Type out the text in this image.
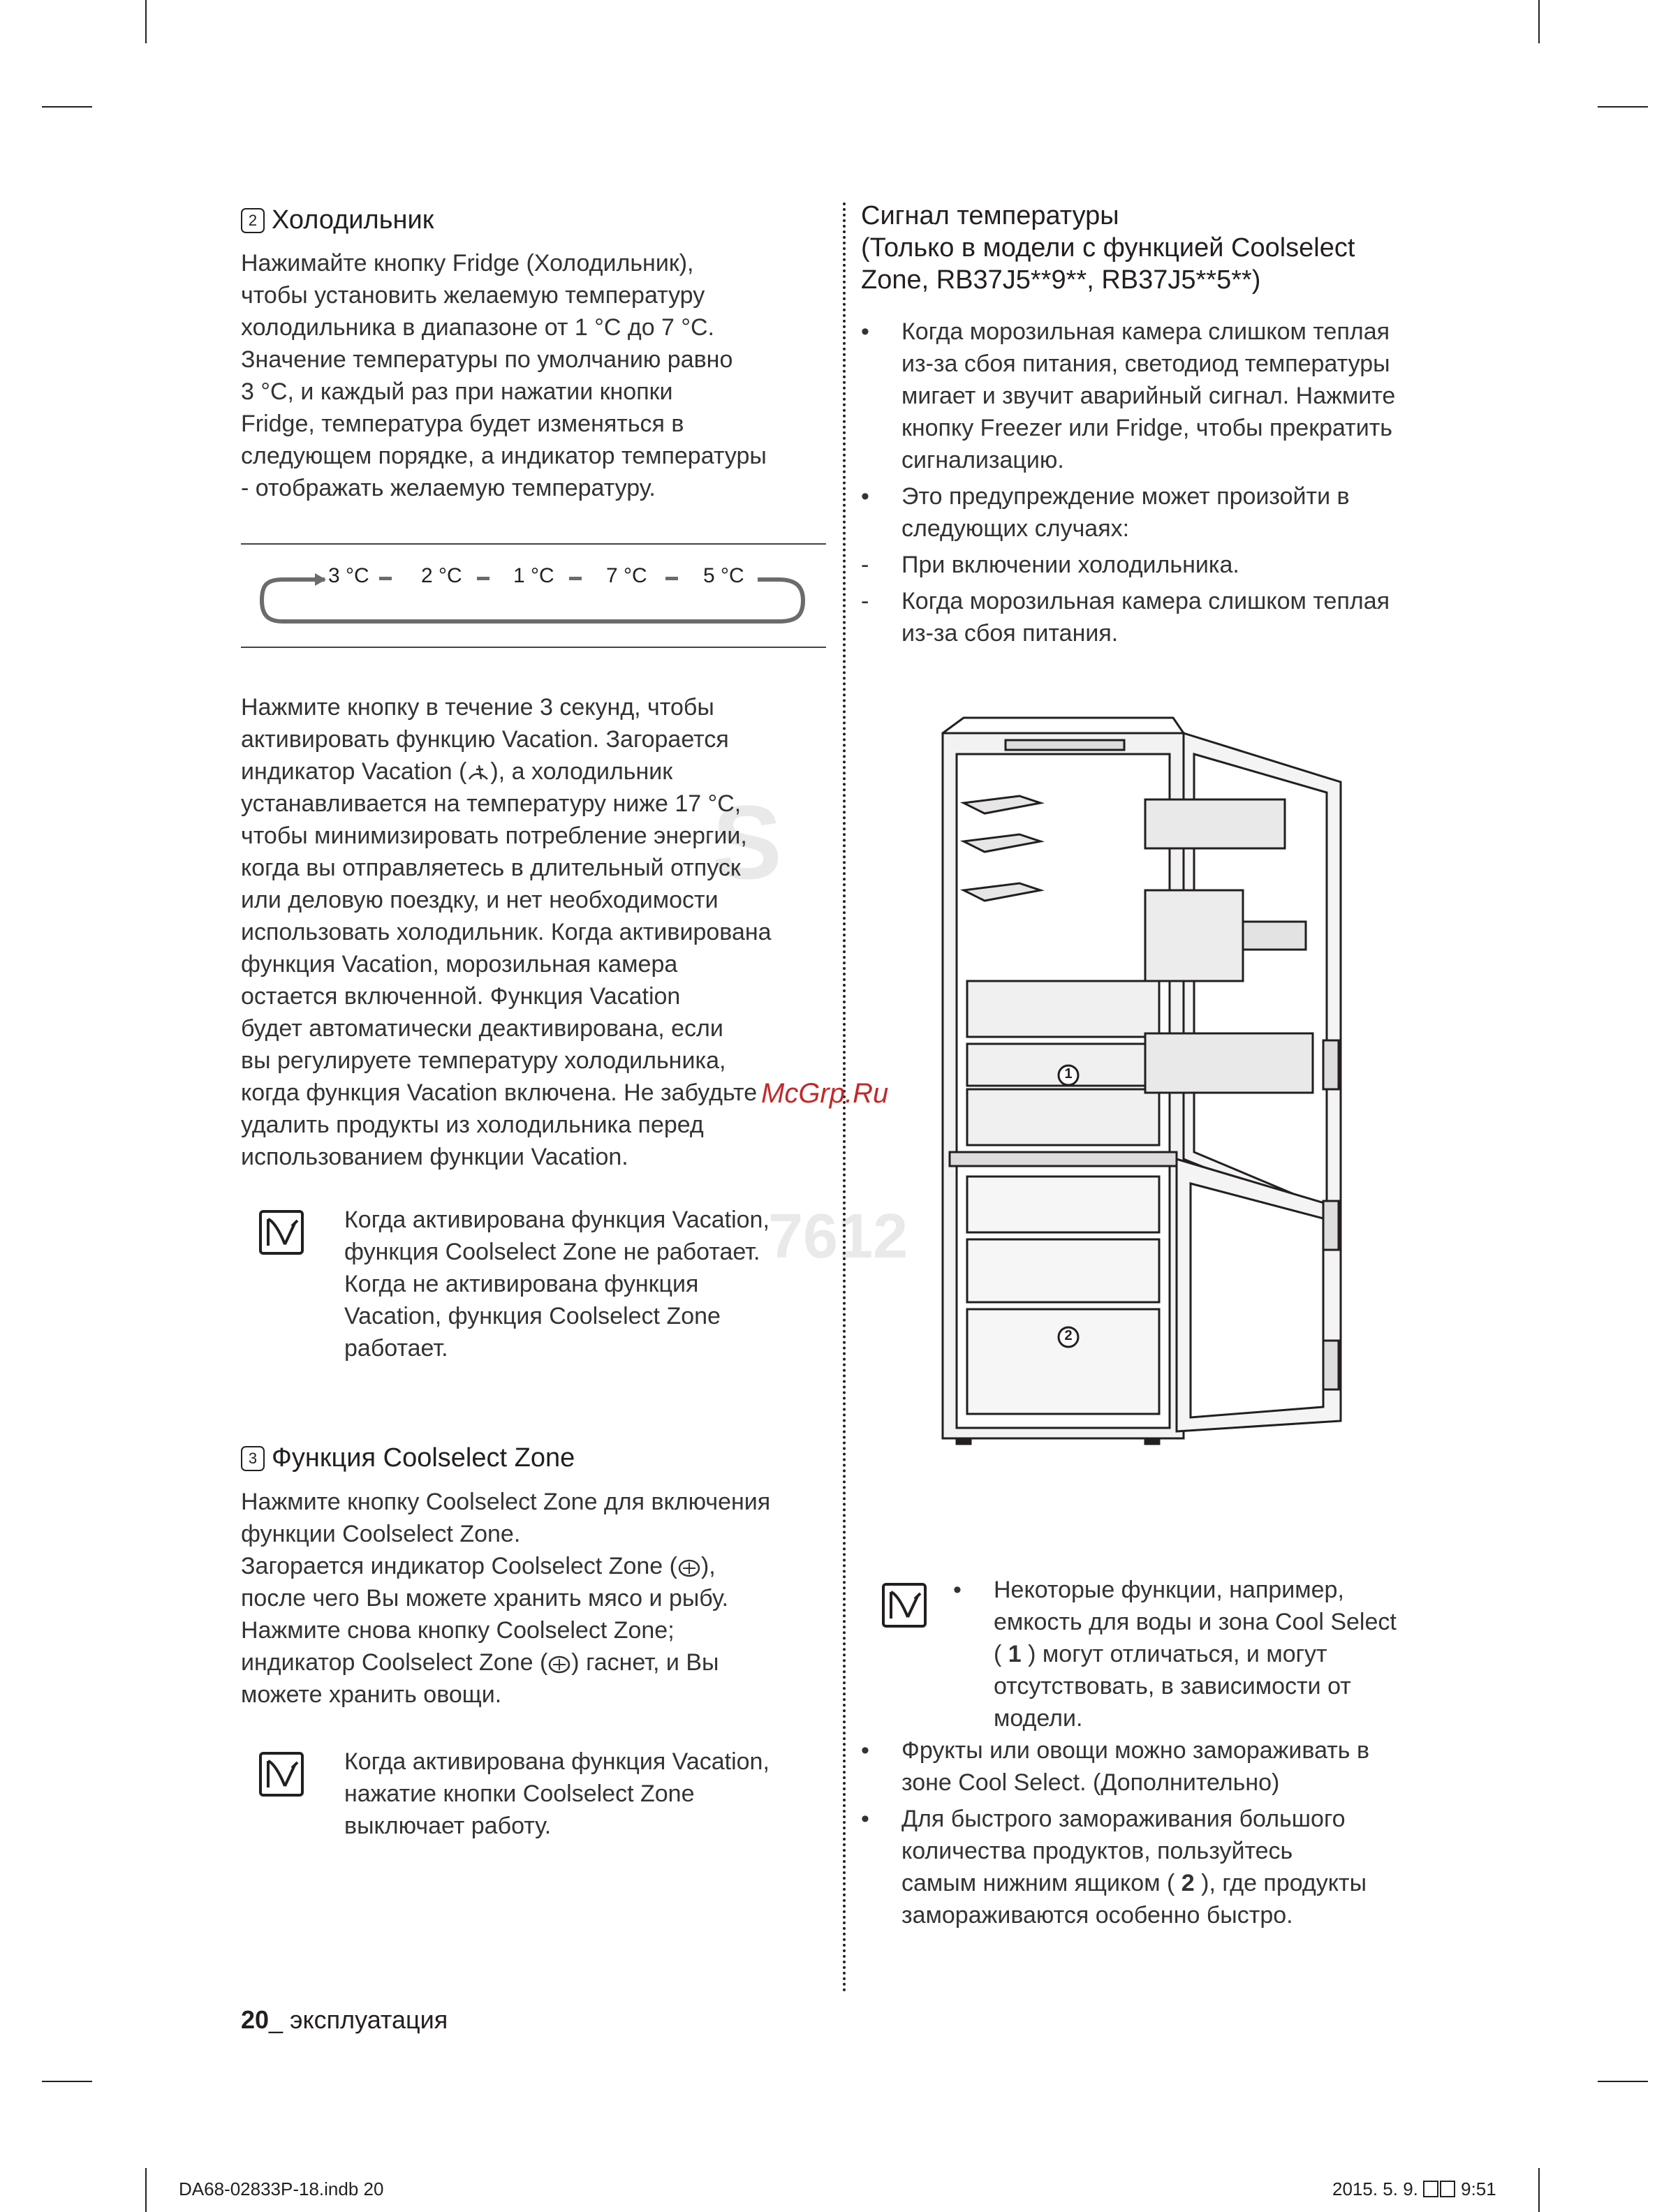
S
7612
2 Холодильник
Нажимайте кнопку Fridge (Холодильник),
чтобы установить желаемую температуру
холодильника в диапазоне от 1 °C до 7 °C.
Значение температуры по умолчанию равно
3 °C, и каждый раз при нажатии кнопки
Fridge, температура будет изменяться в
следующем порядке, а индикатор температуры
- отображать желаемую температуру.
3 °C 2 °C 1 °C 7 °C	5 °C
Нажмите кнопку в течение 3 секунд, чтобы
активировать функцию Vacation. Загорается
индикатор Vacation ( ), а холодильник
устанавливается на температуру ниже 17 °C,
чтобы минимизировать потребление энергии,
когда вы отправляетесь в длительный отпуск
или деловую поездку, и нет необходимости
использовать холодильник. Когда активирована
функция Vacation, морозильная камера
остается включенной. Функция Vacation
будет автоматически деактивирована, если
вы регулируете температуру холодильника,
когда функция Vacation включена. Не забудьте
удалить продукты из холодильника перед
использованием функции Vacation.
Когда активирована функция Vacation,
функция Coolselect Zone не работает.
Когда не активирована функция
Vacation, функция Coolselect Zone
работает.
3 Функция Coolselect Zone
Нажмите кнопку Coolselect Zone для включения
функции Coolselect Zone.
Загорается индикатор Coolselect Zone ( ),
после чего Вы можете хранить мясо и рыбу.
Нажмите снова кнопку Coolselect Zone;
индикатор Coolselect Zone ( ) гаснет, и Вы
можете хранить овощи.
Когда активирована функция Vacation,
нажатие кнопки Coolselect Zone
выключает работу.
Сигнал температуры
(Только в модели с функцией Coolselect
Zone, RB37J5**9**, RB37J5**5**)
• Когда морозильная камера слишком теплая
из-за сбоя питания, светодиод температуры
мигает и звучит аварийный сигнал. Нажмите
кнопку Freezer или Fridge, чтобы прекратить
сигнализацию.
• Это предупреждение может произойти в
следующих случаях:
- При включении холодильника.
- Когда морозильная камера слишком теплая
из-за сбоя питания.
1
2
McGrp.Ru
• Некоторые функции, например,
емкость для воды и зона Cool Select
( 1 ) могут отличаться, и могут
отсутствовать, в зависимости от
модели.
• Фрукты или овощи можно замораживать в
зоне Cool Select. (Дополнительно)
• Для быстрого замораживания большого
количества продуктов, пользуйтесь
самым нижним ящиком ( 2 ), где продукты
замораживаются особенно быстро.
20_ эксплуатация
DA68-02833P-18.indb 20	2015. 5. 9. 9:51
